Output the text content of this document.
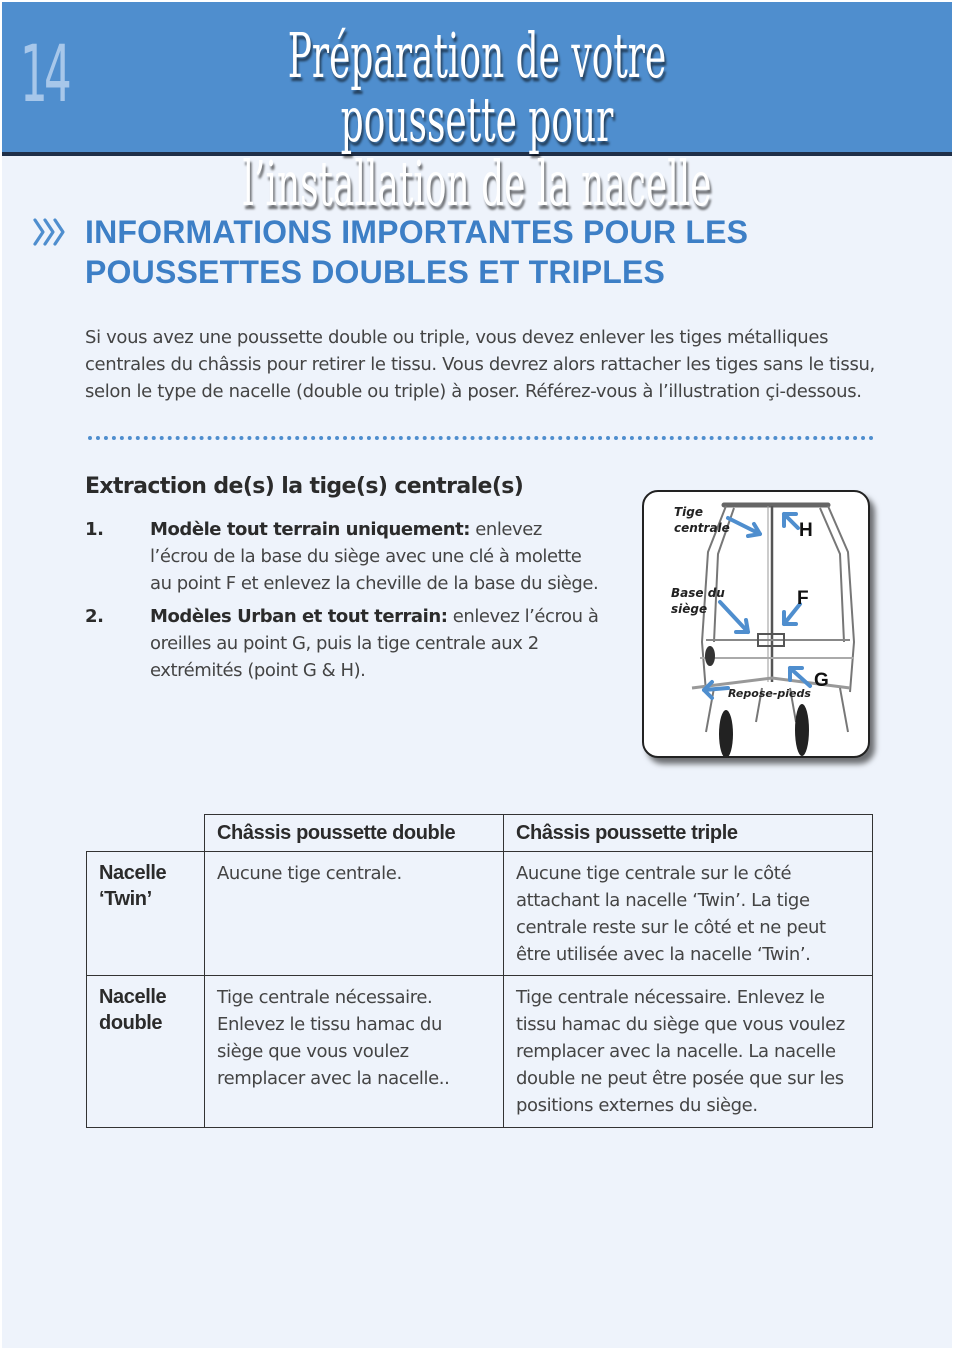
14	Préparation de votre poussette pour
l’installation de la nacelle
INFORMATIONS IMPORTANTES POUR LES POUSSETTES DOUBLES ET TRIPLES

Si vous avez une poussette double ou triple, vous devez enlever les tiges métalliques centrales du châssis pour retirer le tissu. Vous devrez alors rattacher les tiges sans le tissu, selon le type de nacelle (double ou triple) à poser. Référez-vous à l’illustration çi-dessous.

Extraction de(s) la tige(s) centrale(s)
1.	Modèle tout terrain uniquement: enlevez l’écrou de la base du siège avec une clé à molette au point F et enlevez la cheville de la base du siège.
2.	Modèles Urban et tout terrain: enlevez l’écrou à oreilles au point G, puis la tige centrale aux 2 extrémités (point G & H).
Tige
centrale
Base du
siège
Repose-pieds
H
F
G
	Châssis poussette double	Châssis poussette triple
Nacelle ‘Twin’	Aucune tige centrale.	Aucune tige centrale sur le côté attachant la nacelle ‘Twin’. La tige centrale reste sur le côté et ne peut être utilisée avec la nacelle ‘Twin’.
Nacelle double	Tige centrale nécessaire. Enlevez le tissu hamac du siège que vous voulez remplacer avec la nacelle..	Tige centrale nécessaire. Enlevez le tissu hamac du siège que vous voulez remplacer avec la nacelle. La nacelle double ne peut être posée que sur les positions externes du siège.
